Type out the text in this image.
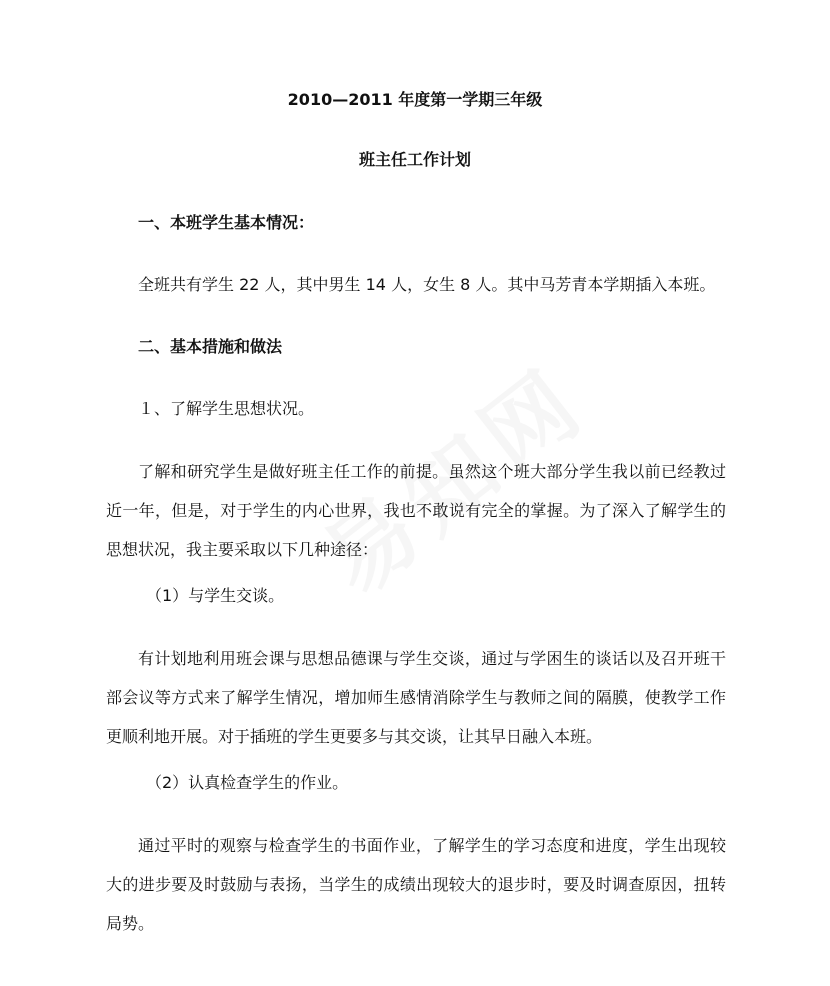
2010—2011 年度第一学期三年级
班主任工作计划
一、本班学生基本情况：
全班共有学生 22 人，其中男生 14 人，女生 8 人。其中马芳青本学期插入本班。
二、基本措施和做法
１、了解学生思想状况。
了解和研究学生是做好班主任工作的前提。虽然这个班大部分学生我以前已经教过近一年，但是，对于学生的内心世界，我也不敢说有完全的掌握。为了深入了解学生的思想状况，我主要采取以下几种途径：
（1）与学生交谈。
有计划地利用班会课与思想品德课与学生交谈，通过与学困生的谈话以及召开班干部会议等方式来了解学生情况，增加师生感情消除学生与教师之间的隔膜，使教学工作更顺利地开展。对于插班的学生更要多与其交谈，让其早日融入本班。
（2）认真检查学生的作业。
通过平时的观察与检查学生的书面作业，了解学生的学习态度和进度，学生出现较大的进步要及时鼓励与表扬，当学生的成绩出现较大的退步时，要及时调查原因，扭转局势。
